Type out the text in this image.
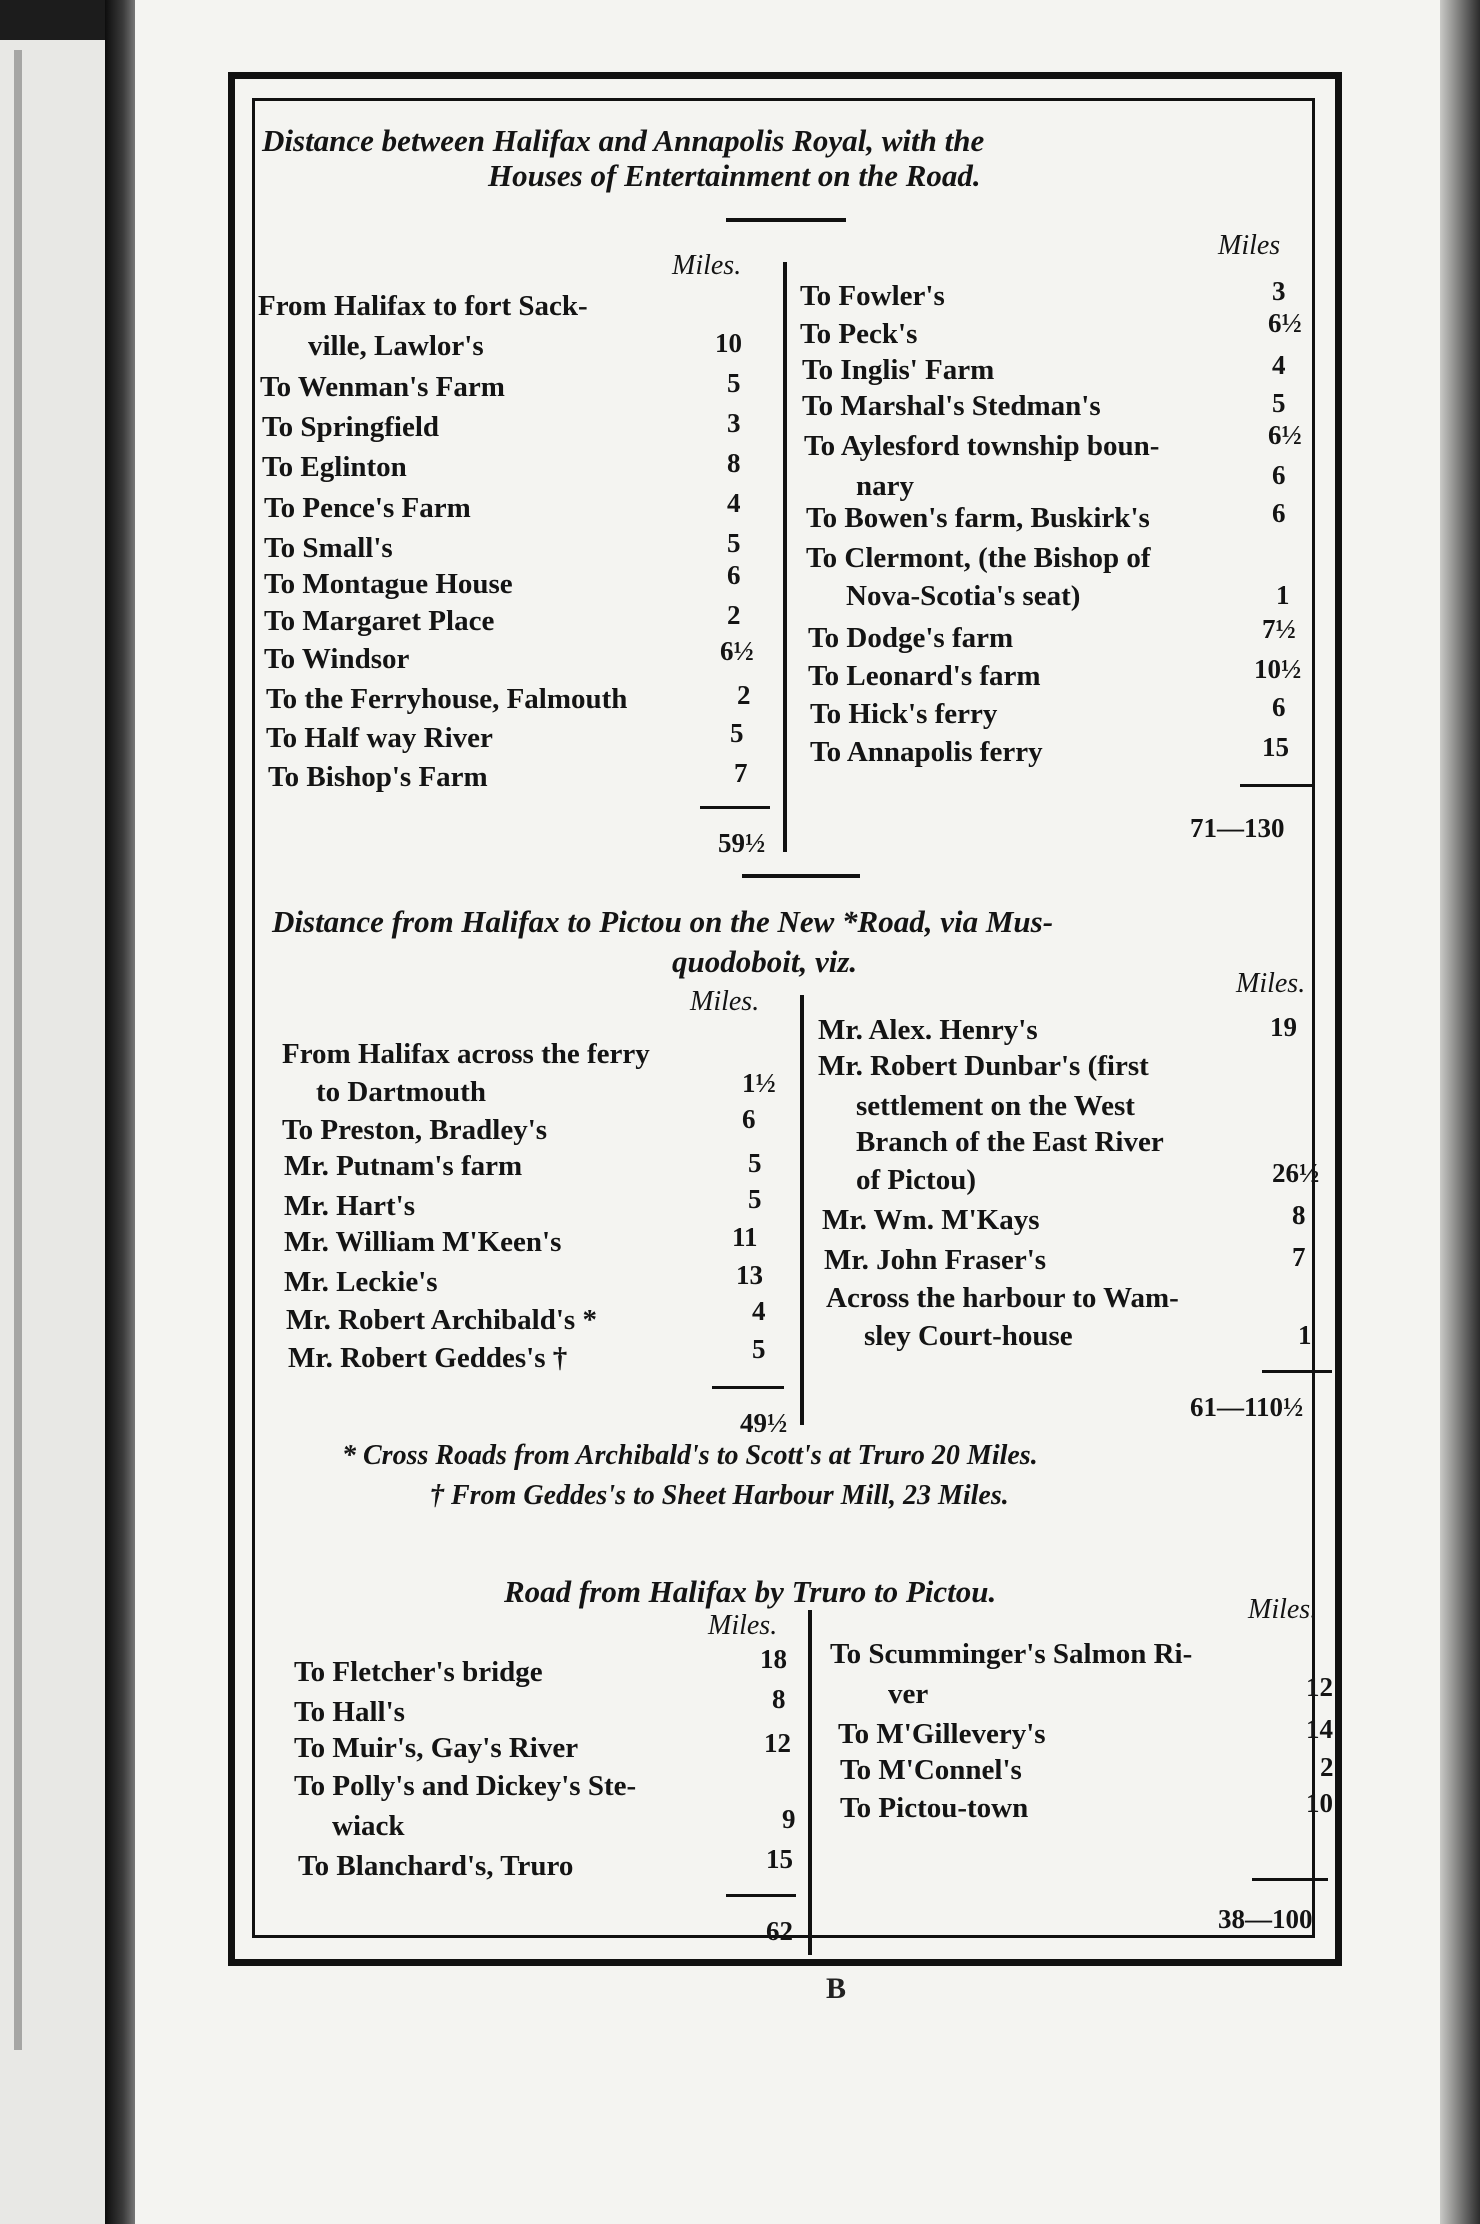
Distance between Halifax and Annapolis Royal, with the
Houses of Entertainment on the Road.
Miles.
Miles
From Halifax to fort Sack-
ville, Lawlor's	10
To Wenman's Farm	5
To Springfield	3
To Eglinton	8
To Pence's Farm	4
To Small's	5
To Montague House	6
To Margaret Place	2
To Windsor	6½
To the Ferryhouse, Falmouth	2
To Half way River	5
To Bishop's Farm	7
59½
To Fowler's	3
To Peck's	6½
To Inglis' Farm	4
To Marshal's Stedman's	5
To Aylesford township boun-	6½
nary	6
To Bowen's farm, Buskirk's	6
To Clermont, (the Bishop of
Nova-Scotia's seat)	1
To Dodge's farm	7½
To Leonard's farm	10½
To Hick's ferry	6
To Annapolis ferry	15
71—130
Distance from Halifax to Pictou on the New *Road, via Mus-
quodoboit, viz.
Miles.
Miles.
From Halifax across the ferry
to Dartmouth	1½
To Preston, Bradley's	6
Mr. Putnam's farm	5
Mr. Hart's	5
Mr. William M'Keen's	11
Mr. Leckie's	13
Mr. Robert Archibald's *	4
Mr. Robert Geddes's †	5
49½
Mr. Alex. Henry's	19
Mr. Robert Dunbar's (first
settlement on the West
Branch of the East River
of Pictou)	26½
Mr. Wm. M'Kays	8
Mr. John Fraser's	7
Across the harbour to Wam-
sley Court-house	1
61—110½
* Cross Roads from Archibald's to Scott's at Truro 20 Miles.
† From Geddes's to Sheet Harbour Mill, 23 Miles.
Road from Halifax by Truro to Pictou.
Miles.
Miles.
To Fletcher's bridge	18
To Hall's	8
To Muir's, Gay's River	12
To Polly's and Dickey's Ste-
wiack	9
To Blanchard's, Truro	15
62
To Scumminger's Salmon Ri-
ver	12
To M'Gillevery's	14
To M'Connel's	2
To Pictou-town	10
38—100
B
